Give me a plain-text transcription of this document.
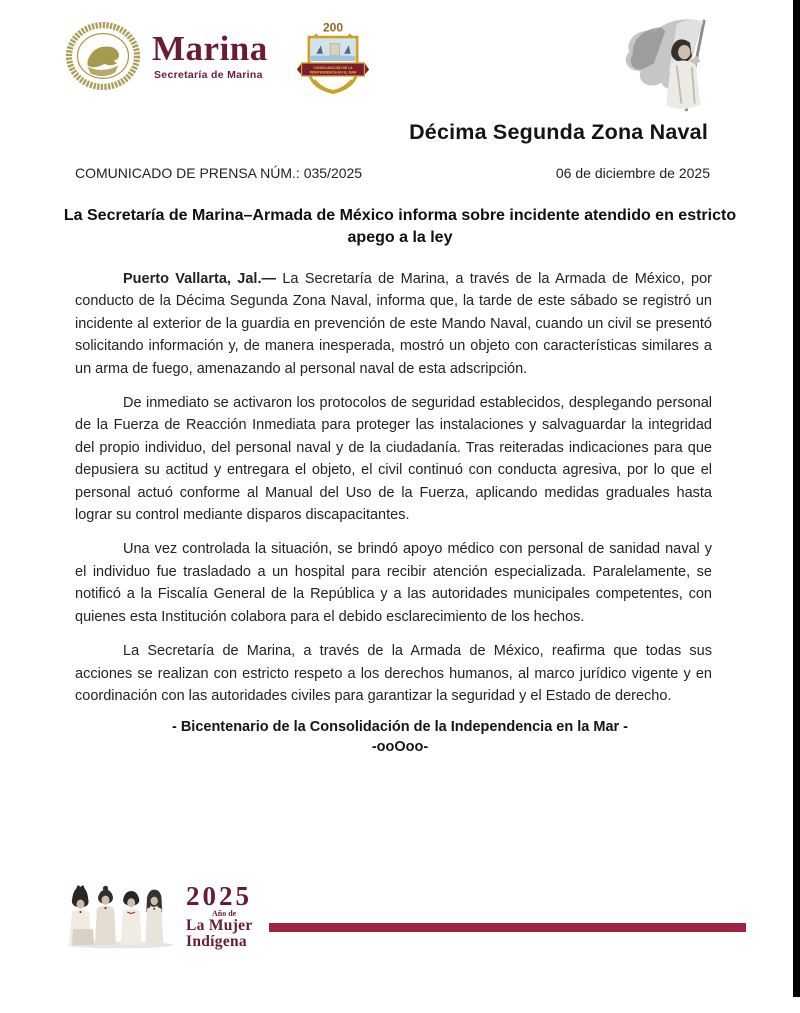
Marina
Secretaría de Marina
200
CONSOLIDACIÓN DE LA
INDEPENDENCIA EN EL MAR
Décima Segunda Zona Naval
COMUNICADO DE PRENSA NÚM.: 035/2025	06 de diciembre de 2025
La Secretaría de Marina–Armada de México informa sobre incidente atendido en estricto apego a la ley

Puerto Vallarta, Jal.— La Secretaría de Marina, a través de la Armada de México, por conducto de la Décima Segunda Zona Naval, informa que, la tarde de este sábado se registró un incidente al exterior de la guardia en prevención de este Mando Naval, cuando un civil se presentó solicitando información y, de manera inesperada, mostró un objeto con características similares a un arma de fuego, amenazando al personal naval de esta adscripción.

De inmediato se activaron los protocolos de seguridad establecidos, desplegando personal de la Fuerza de Reacción Inmediata para proteger las instalaciones y salvaguardar la integridad del propio individuo, del personal naval y de la ciudadanía. Tras reiteradas indicaciones para que depusiera su actitud y entregara el objeto, el civil continuó con conducta agresiva, por lo que el personal actuó conforme al Manual del Uso de la Fuerza, aplicando medidas graduales hasta lograr su control mediante disparos discapacitantes.

Una vez controlada la situación, se brindó apoyo médico con personal de sanidad naval y el individuo fue trasladado a un hospital para recibir atención especializada. Paralelamente, se notificó a la Fiscalía General de la República y a las autoridades municipales competentes, con quienes esta Institución colabora para el debido esclarecimiento de los hechos.

La Secretaría de Marina, a través de la Armada de México, reafirma que todas sus acciones se realizan con estricto respeto a los derechos humanos, al marco jurídico vigente y en coordinación con las autoridades civiles para garantizar la seguridad y el Estado de derecho.

- Bicentenario de la Consolidación de la Independencia en la Mar -
-ooOoo-
2025
Año de
La Mujer
Indígena
